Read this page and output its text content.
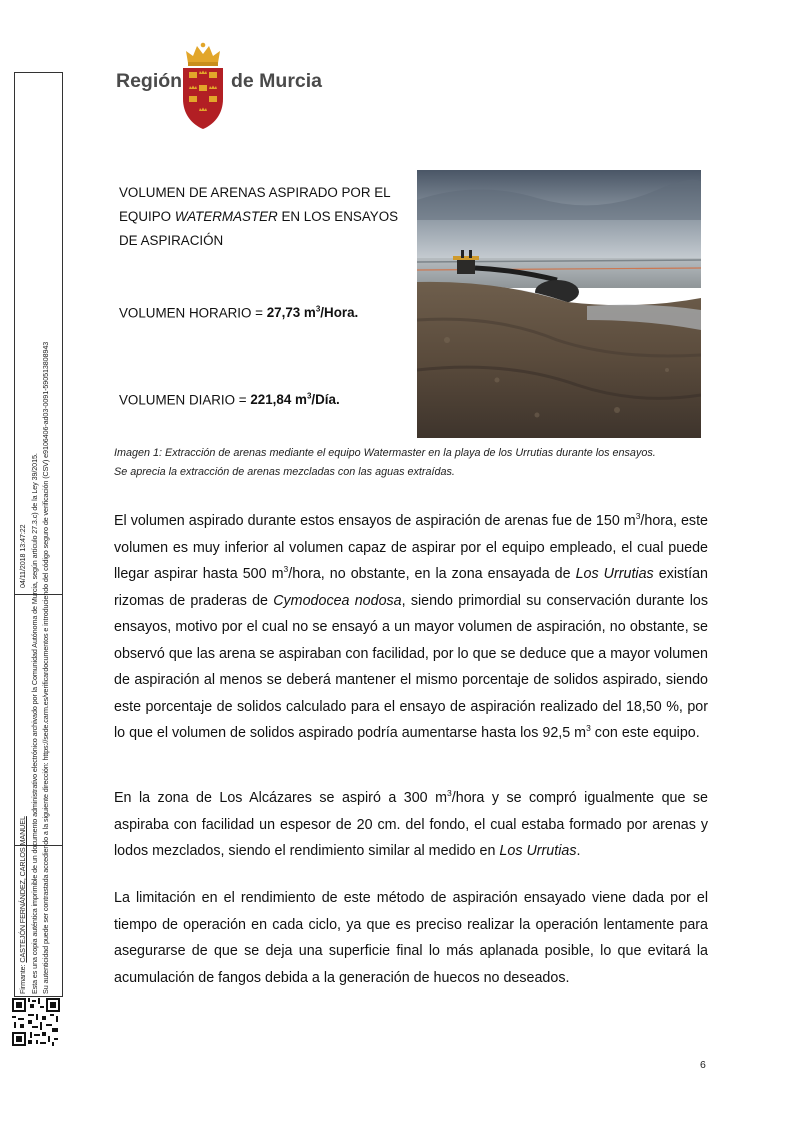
Firmante: CASTEJÓN FERNÁNDEZ, CARLOS MANUEL
04/11/2018 13:47:22 Esta es una copia auténtica imprimible de un documento administrativo electrónico archivado por la Comunidad Autónoma de Murcia, según artículo 27.3.c) de la Ley 39/2015. Su autenticidad puede ser contrastada accediendo a la siguiente dirección: https://sede.carm.es/verificardocumentos e introduciendo del código seguro de verificación (CSV) e9106406-ad03-0091-590513808943
Región	de Murcia
VOLUMEN DE ARENAS ASPIRADO POR EL
EQUIPO WATERMASTER EN LOS ENSAYOS
DE ASPIRACIÓN
VOLUMEN HORARIO = 27,73 $m^3$/Hora.
VOLUMEN DIARIO = 221,84 $m^3$/Día.
Imagen 1: Extracción de arenas mediante el equipo Watermaster en la playa de los Urrutias durante los ensayos.
Se aprecia la extracción de arenas mezcladas con las aguas extraídas.
El volumen aspirado durante estos ensayos de aspiración de arenas fue de 150 $m^3$/hora, este volumen es muy inferior al volumen capaz de aspirar por el equipo empleado, el cual puede llegar aspirar hasta 500 $m^3$/hora, no obstante, en la zona ensayada de Los Urrutias existían rizomas de praderas de Cymodocea nodosa, siendo primordial su conservación durante los ensayos, motivo por el cual no se ensayó a un mayor volumen de aspiración, no obstante, se observó que las arena se aspiraban con facilidad, por lo que se deduce que a mayor volumen de aspiración al menos se deberá mantener el mismo porcentaje de solidos aspirado, siendo este porcentaje de solidos calculado para el ensayo de aspiración realizado del 18,50 %, por lo que el volumen de solidos aspirado podría aumentarse hasta los 92,5 $m^3$ con este equipo.
En la zona de Los Alcázares se aspiró a 300 $m^3$/hora y se compró igualmente que se aspiraba con facilidad un espesor de 20 cm. del fondo, el cual estaba formado por arenas y lodos mezclados, siendo el rendimiento similar al medido en Los Urrutias.
La limitación en el rendimiento de este método de aspiración ensayado viene dada por el tiempo de operación en cada ciclo, ya que es preciso realizar la operación lentamente para asegurarse de que se deja una superficie final lo más aplanada posible, lo que evitará la acumulación de fangos debida a la generación de huecos no deseados.
6
